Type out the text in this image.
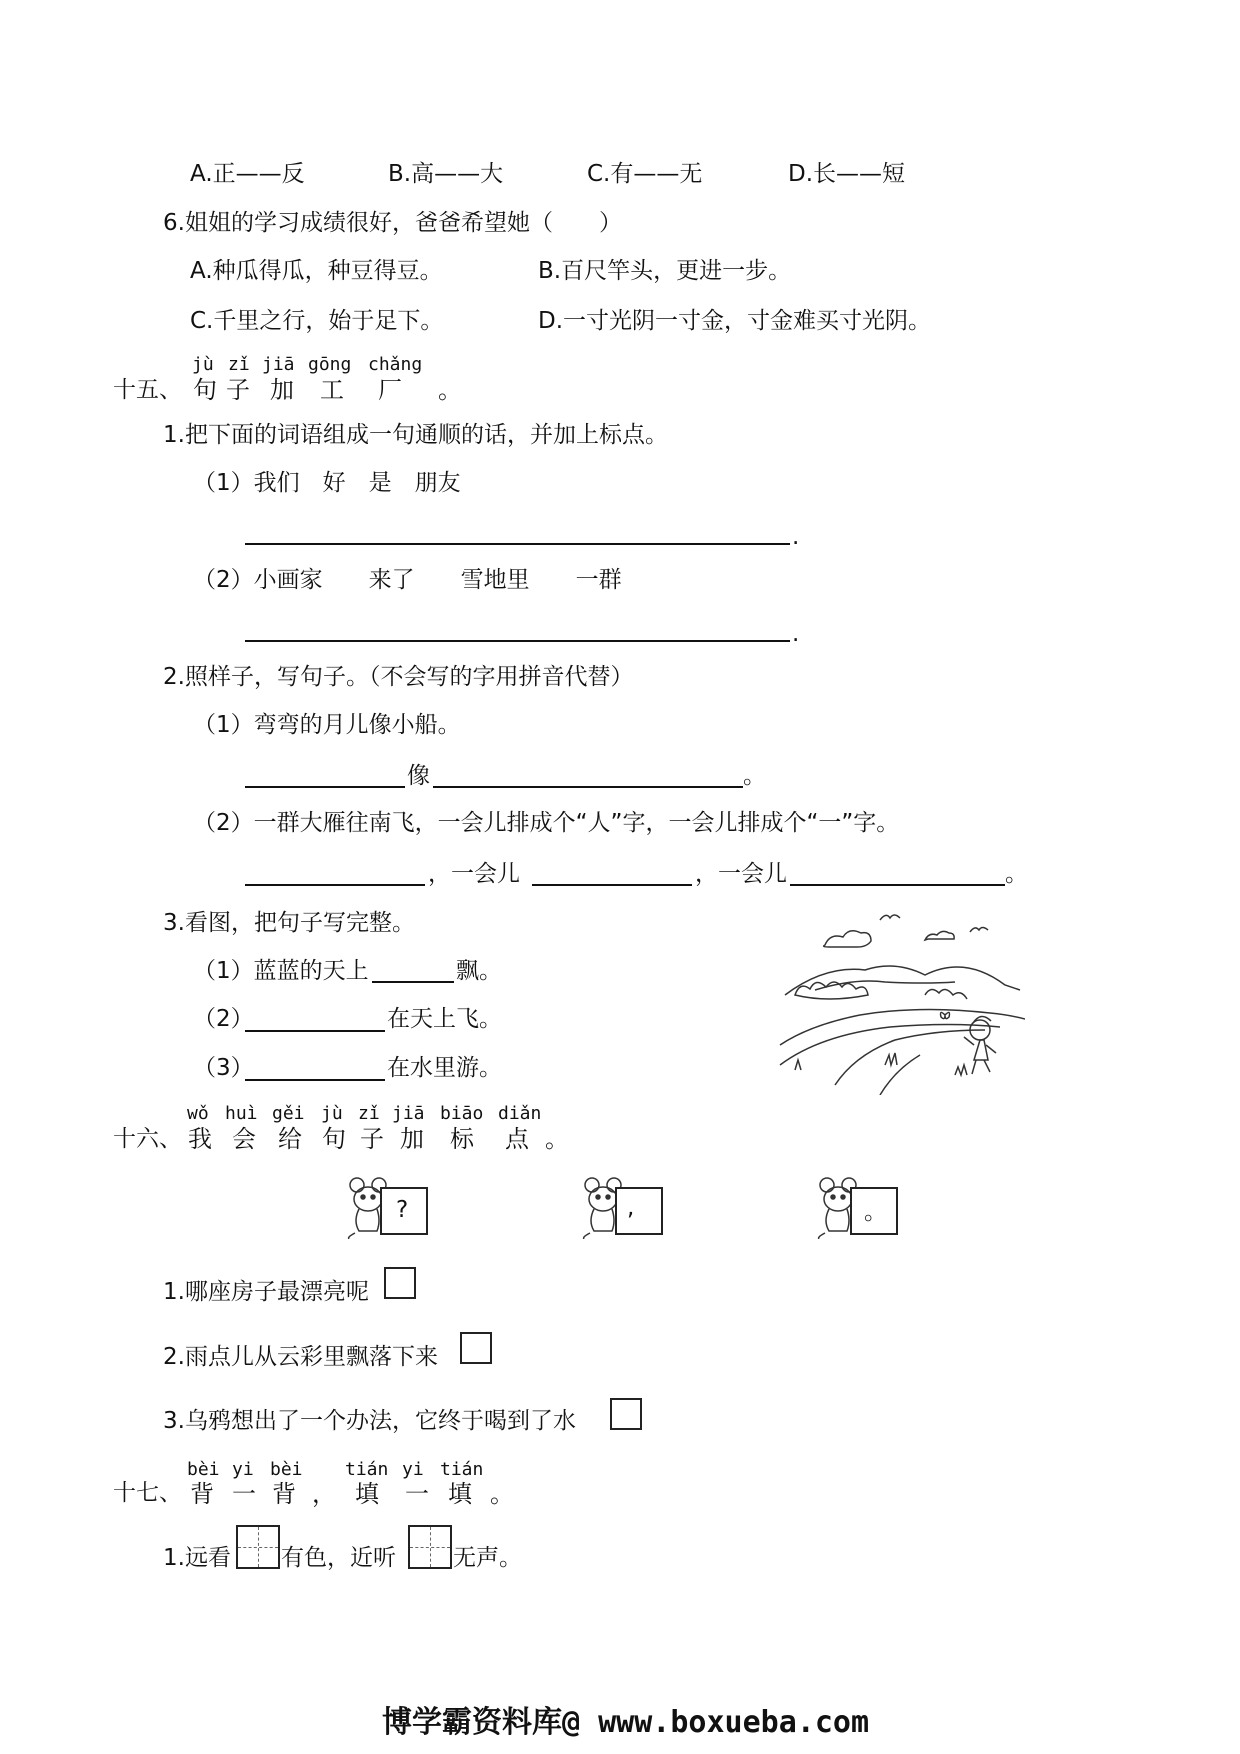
A.正——反	B.高——大	C.有——无	D.长——短
6.姐姐的学习成绩很好，爸爸希望她（　　）
A.种瓜得瓜，种豆得豆。	B.百尺竿头，更进一步。
C.千里之行，始于足下。	D.一寸光阴一寸金，寸金难买寸光阴。
十五、
jù zǐ jiā gōng chǎng
句 子 加 工 厂 。
1.把下面的词语组成一句通顺的话，并加上标点。
（1）我们　好　是　朋友
.
（2）小画家　　来了　　雪地里　　一群
.
2.照样子，写句子。（不会写的字用拼音代替）
（1）弯弯的月儿像小船。
像	。
（2）一群大雁往南飞，一会儿排成个“人”字，一会儿排成个“一”字。
，一会儿	，一会儿	。
3.看图，把句子写完整。
（1）蓝蓝的天上	飘。
（2）	在天上飞。
（3）	在水里游。
十六、
wǒ huì gěi jù zǐ jiā biāo diǎn
我 会 给 句 子 加 标 点 。
?	,	。
1.哪座房子最漂亮呢
2.雨点儿从云彩里飘落下来
3.乌鸦想出了一个办法，它终于喝到了水
十七、
bèi yi bèi tián yi tián
背 一 背 ， 填 一 填 。
1.远看 有色，近听 无声。
博学霸资料库@ www.boxueba.com
